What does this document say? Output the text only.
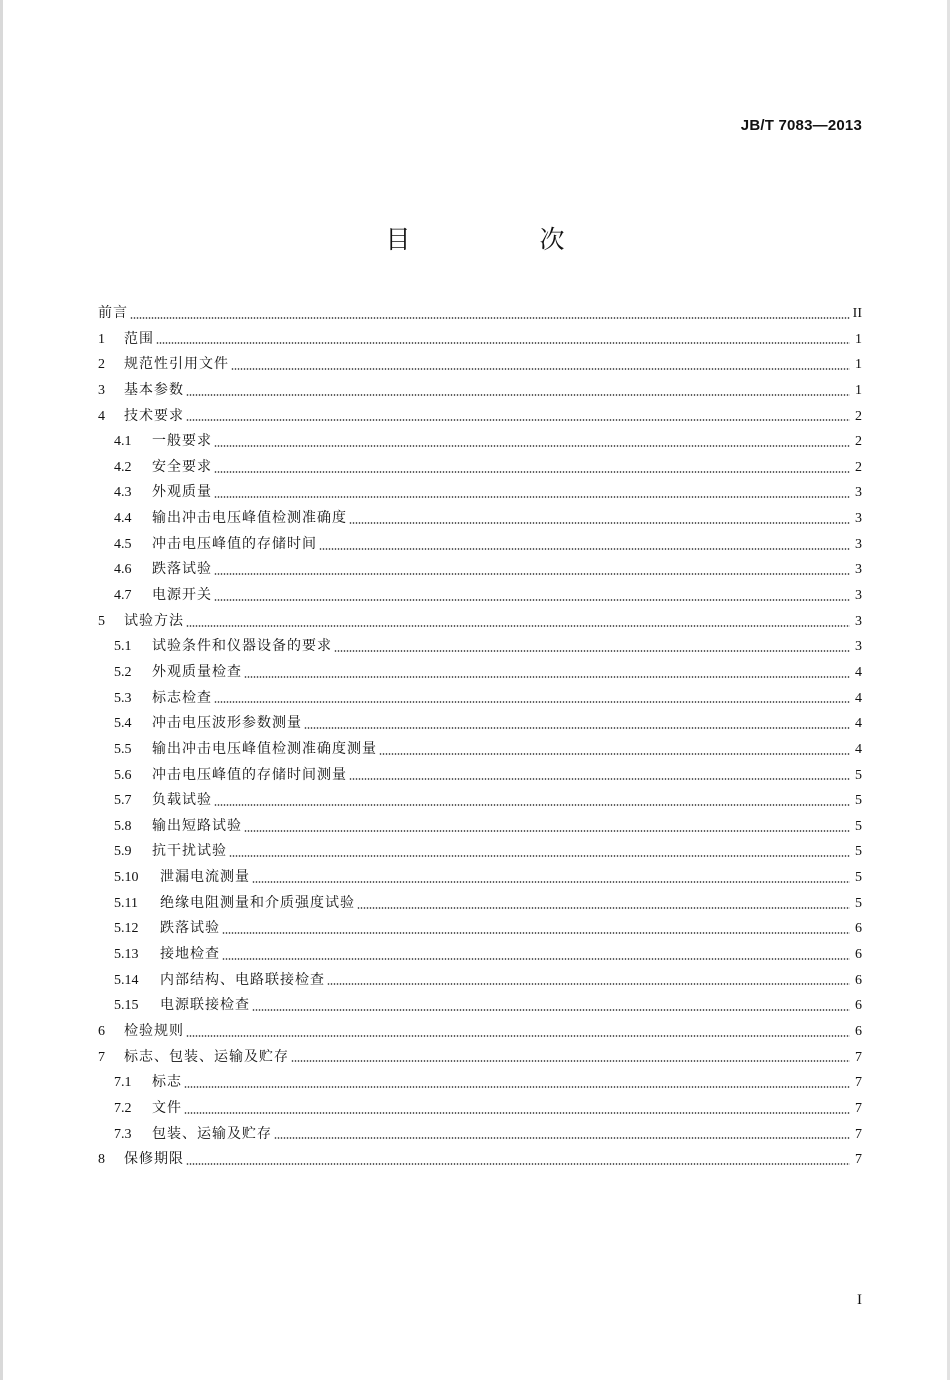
JB/T 7083—2013
目　次
前言	II
1	范围	1
2	规范性引用文件	1
3	基本参数	1
4	技术要求	2
4.1	一般要求	2
4.2	安全要求	2
4.3	外观质量	3
4.4	输出冲击电压峰值检测准确度	3
4.5	冲击电压峰值的存储时间	3
4.6	跌落试验	3
4.7	电源开关	3
5	试验方法	3
5.1	试验条件和仪器设备的要求	3
5.2	外观质量检查	4
5.3	标志检查	4
5.4	冲击电压波形参数测量	4
5.5	输出冲击电压峰值检测准确度测量	4
5.6	冲击电压峰值的存储时间测量	5
5.7	负载试验	5
5.8	输出短路试验	5
5.9	抗干扰试验	5
5.10	泄漏电流测量	5
5.11	绝缘电阻测量和介质强度试验	5
5.12	跌落试验	6
5.13	接地检查	6
5.14	内部结构、电路联接检查	6
5.15	电源联接检查	6
6	检验规则	6
7	标志、包装、运输及贮存	7
7.1	标志	7
7.2	文件	7
7.3	包装、运输及贮存	7
8	保修期限	7
I
